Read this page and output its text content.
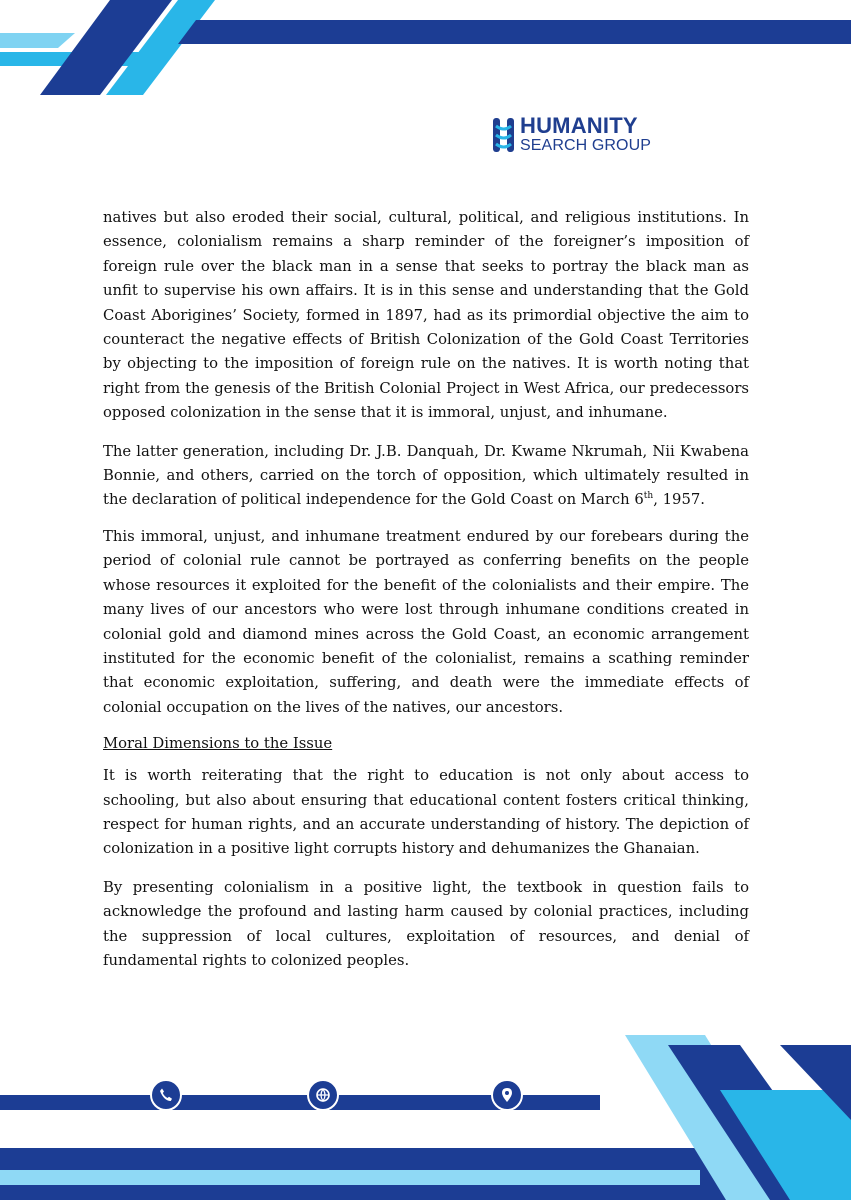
HUMANITY
SEARCH GROUP

natives but also eroded their social, cultural, political, and religious institutions. In essence, colonialism remains a sharp reminder of the foreigner’s imposition of foreign rule over the black man in a sense that seeks to portray the black man as unfit to supervise his own affairs. It is in this sense and understanding that the Gold Coast Aborigines’ Society, formed in 1897, had as its primordial objective the aim to counteract the negative effects of British Colonization of the Gold Coast Territories by objecting to the imposition of foreign rule on the natives. It is worth noting that right from the genesis of the British Colonial Project in West Africa, our predecessors opposed colonization in the sense that it is immoral, unjust, and inhumane.

The latter generation, including Dr. J.B. Danquah, Dr. Kwame Nkrumah, Nii Kwabena Bonnie, and others, carried on the torch of opposition, which ultimately resulted in the declaration of political independence for the Gold Coast on March 6th, 1957.

This immoral, unjust, and inhumane treatment endured by our forebears during the period of colonial rule cannot be portrayed as conferring benefits on the people whose resources it exploited for the benefit of the colonialists and their empire. The many lives of our ancestors who were lost through inhumane conditions created in colonial gold and diamond mines across the Gold Coast, an economic arrangement instituted for the economic benefit of the colonialist, remains a scathing reminder that economic exploitation, suffering, and death were the immediate effects of colonial occupation on the lives of the natives, our ancestors.

Moral Dimensions to the Issue

It is worth reiterating that the right to education is not only about access to schooling, but also about ensuring that educational content fosters critical thinking, respect for human rights, and an accurate understanding of history. The depiction of colonization in a positive light corrupts history and dehumanizes the Ghanaian.

By presenting colonialism in a positive light, the textbook in question fails to acknowledge the profound and lasting harm caused by colonial practices, including the suppression of local cultures, exploitation of resources, and denial of fundamental rights to colonized peoples.
